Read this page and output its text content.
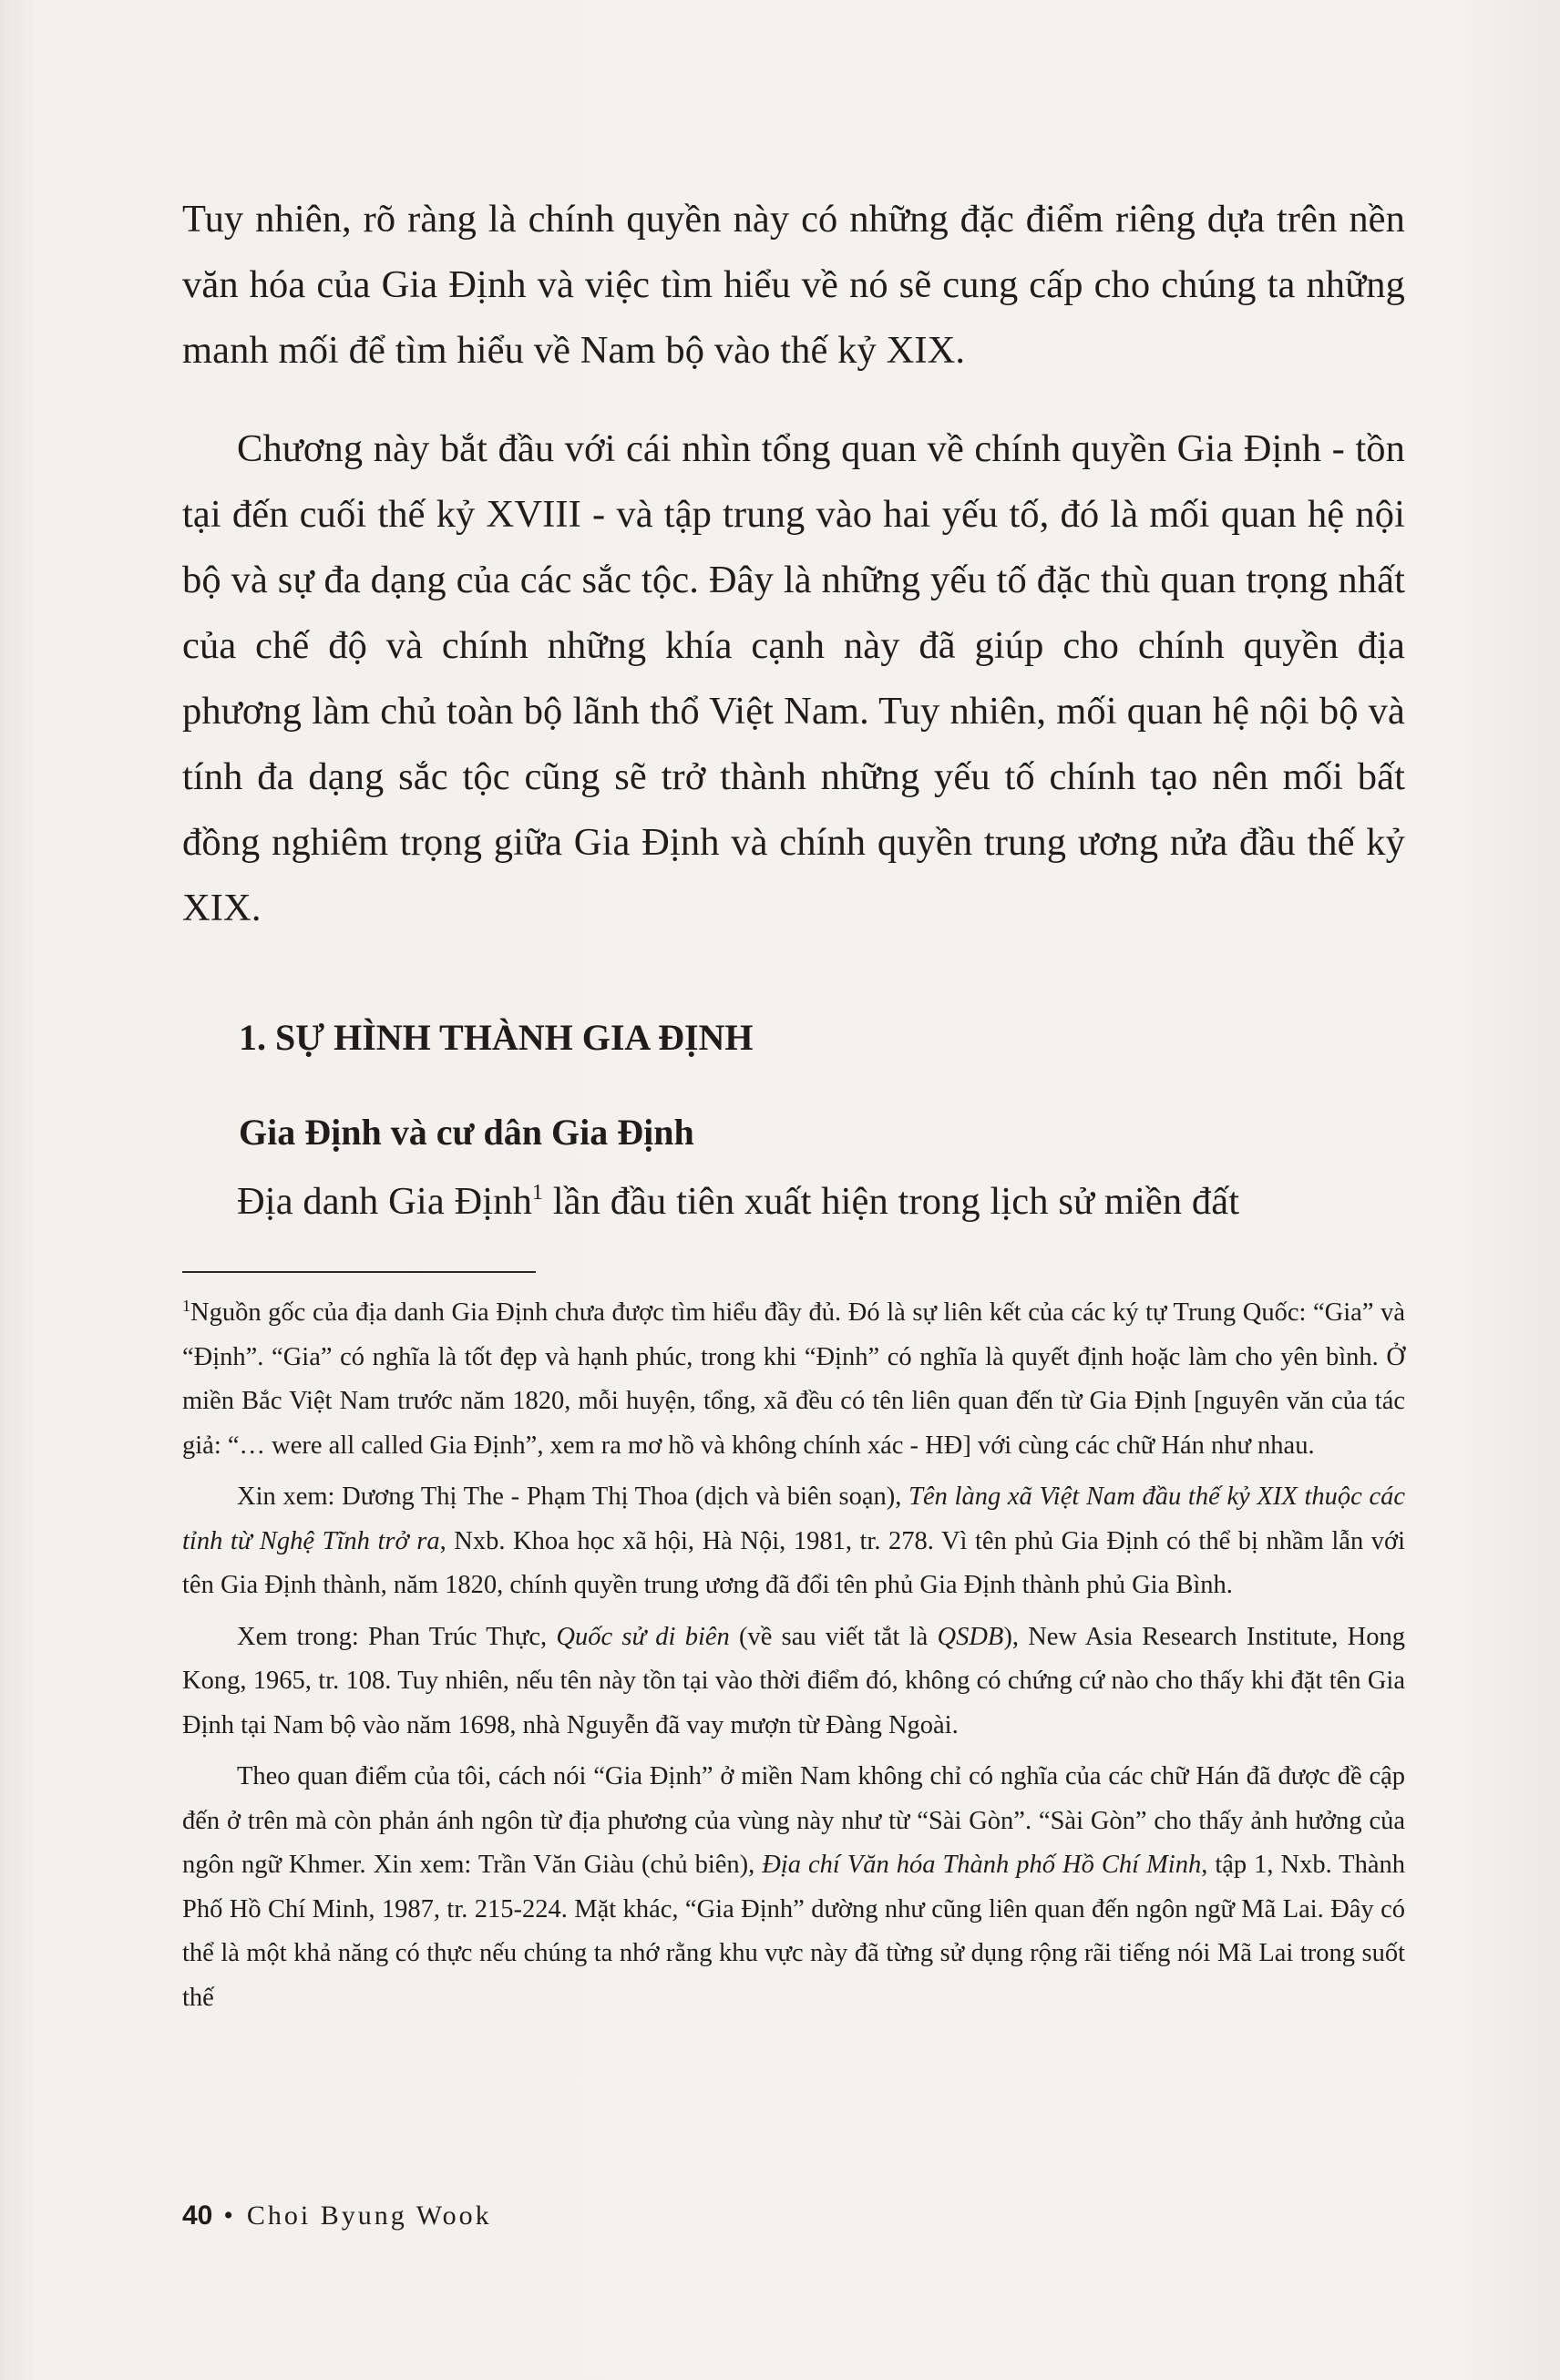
Tuy nhiên, rõ ràng là chính quyền này có những đặc điểm riêng dựa trên nền văn hóa của Gia Định và việc tìm hiểu về nó sẽ cung cấp cho chúng ta những manh mối để tìm hiểu về Nam bộ vào thế kỷ XIX.

Chương này bắt đầu với cái nhìn tổng quan về chính quyền Gia Định - tồn tại đến cuối thế kỷ XVIII - và tập trung vào hai yếu tố, đó là mối quan hệ nội bộ và sự đa dạng của các sắc tộc. Đây là những yếu tố đặc thù quan trọng nhất của chế độ và chính những khía cạnh này đã giúp cho chính quyền địa phương làm chủ toàn bộ lãnh thổ Việt Nam. Tuy nhiên, mối quan hệ nội bộ và tính đa dạng sắc tộc cũng sẽ trở thành những yếu tố chính tạo nên mối bất đồng nghiêm trọng giữa Gia Định và chính quyền trung ương nửa đầu thế kỷ XIX.

1. SỰ HÌNH THÀNH GIA ĐỊNH
Gia Định và cư dân Gia Định

Địa danh Gia Định$^1$ lần đầu tiên xuất hiện trong lịch sử miền đất

$^1$Nguồn gốc của địa danh Gia Định chưa được tìm hiểu đầy đủ. Đó là sự liên kết của các ký tự Trung Quốc: “Gia” và “Định”. “Gia” có nghĩa là tốt đẹp và hạnh phúc, trong khi “Định” có nghĩa là quyết định hoặc làm cho yên bình. Ở miền Bắc Việt Nam trước năm 1820, mỗi huyện, tổng, xã đều có tên liên quan đến từ Gia Định [nguyên văn của tác giả: “… were all called Gia Định”, xem ra mơ hồ và không chính xác - HĐ] với cùng các chữ Hán như nhau.

Xin xem: Dương Thị The - Phạm Thị Thoa (dịch và biên soạn), Tên làng xã Việt Nam đầu thế kỷ XIX thuộc các tỉnh từ Nghệ Tĩnh trở ra, Nxb. Khoa học xã hội, Hà Nội, 1981, tr. 278. Vì tên phủ Gia Định có thể bị nhầm lẫn với tên Gia Định thành, năm 1820, chính quyền trung ương đã đổi tên phủ Gia Định thành phủ Gia Bình.

Xem trong: Phan Trúc Thực, Quốc sử di biên (về sau viết tắt là QSDB), New Asia Research Institute, Hong Kong, 1965, tr. 108. Tuy nhiên, nếu tên này tồn tại vào thời điểm đó, không có chứng cứ nào cho thấy khi đặt tên Gia Định tại Nam bộ vào năm 1698, nhà Nguyễn đã vay mượn từ Đàng Ngoài.

Theo quan điểm của tôi, cách nói “Gia Định” ở miền Nam không chỉ có nghĩa của các chữ Hán đã được đề cập đến ở trên mà còn phản ánh ngôn từ địa phương của vùng này như từ “Sài Gòn”. “Sài Gòn” cho thấy ảnh hưởng của ngôn ngữ Khmer. Xin xem: Trần Văn Giàu (chủ biên), Địa chí Văn hóa Thành phố Hồ Chí Minh, tập 1, Nxb. Thành Phố Hồ Chí Minh, 1987, tr. 215-224. Mặt khác, “Gia Định” dường như cũng liên quan đến ngôn ngữ Mã Lai. Đây có thể là một khả năng có thực nếu chúng ta nhớ rằng khu vực này đã từng sử dụng rộng rãi tiếng nói Mã Lai trong suốt thế

40 • Choi Byung Wook
